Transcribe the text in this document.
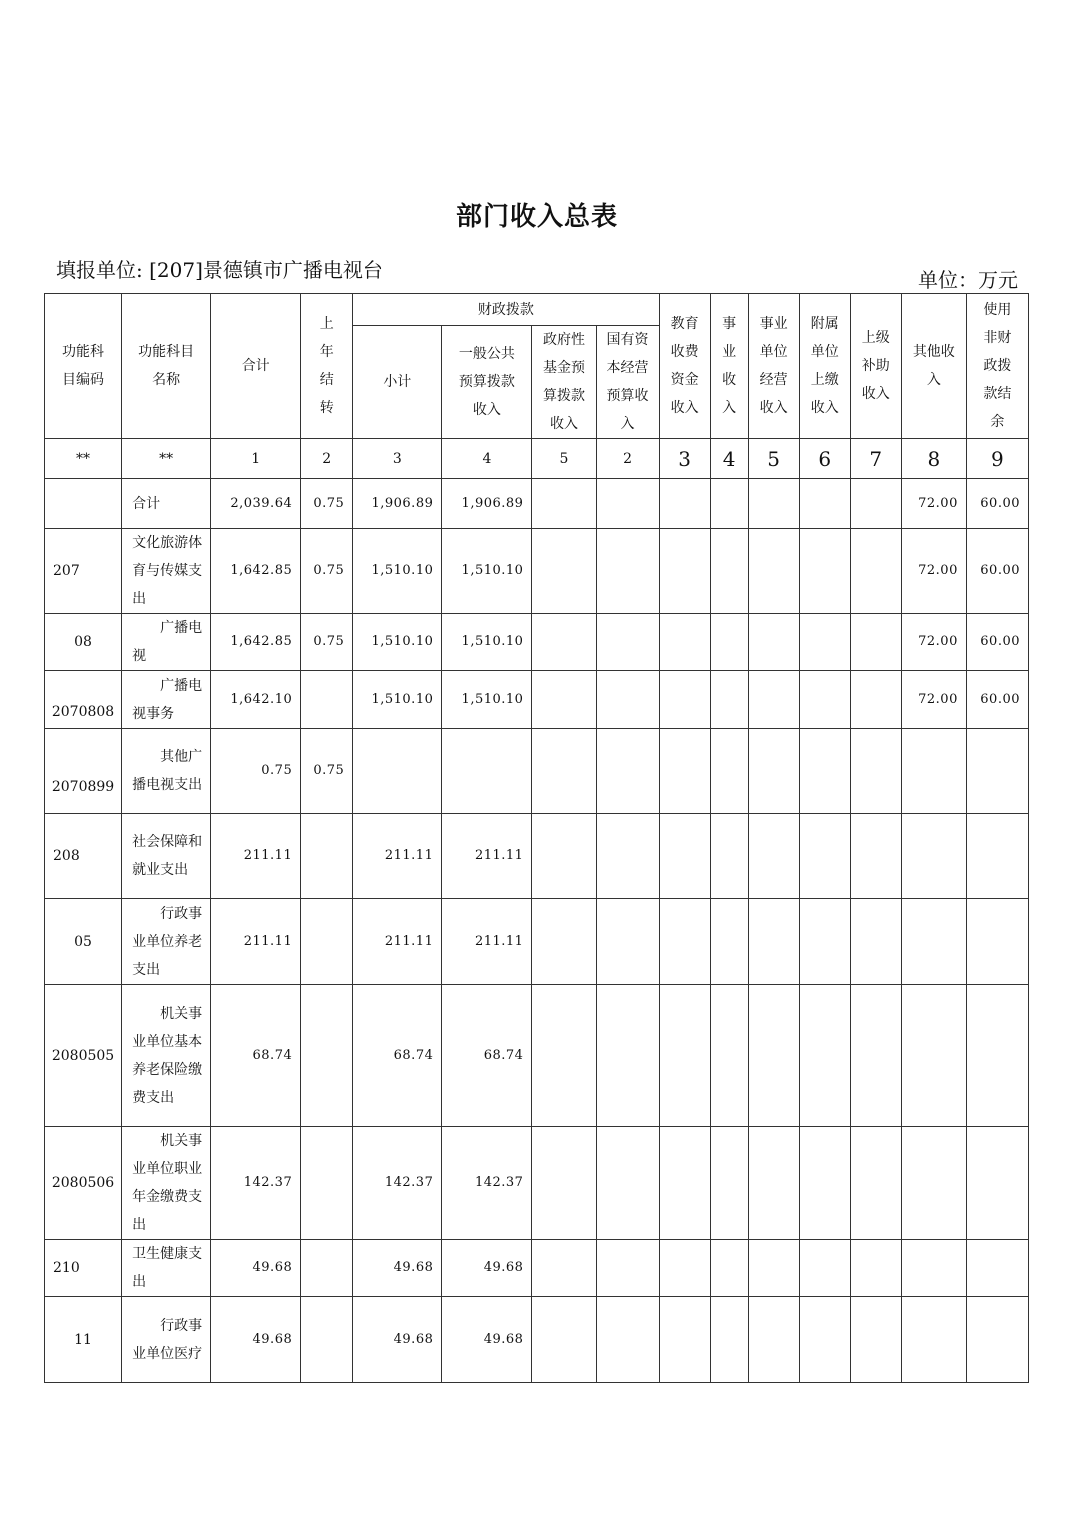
部门收入总表
填报单位: [207]景德镇市广播电视台	单位：万元
功能科目编码	功能科目名称	合计	上年结转	财政拨款				教育收费资金收入	事业收入	事业单位经营收入	附属单位上缴收入	上级补助收入	其他收入	使用非财政拨款结余

				小计	一般公共预算拨款收入	政府性基金预算拨款收入	国有资本经营预算收入							

**	**	1	2	3	4	5	2	3	4	5	6	7	8	9
	合计	2,039.64	0.75	1,906.89	1,906.89								72.00	60.00
207	文化旅游体育与传媒支出	1,642.85	0.75	1,510.10	1,510.10								72.00	60.00
08	广播电视	1,642.85	0.75	1,510.10	1,510.10								72.00	60.00
2070808	广播电视事务	1,642.10		1,510.10	1,510.10								72.00	60.00
2070899	其他广播电视支出	0.75	0.75											
208	社会保障和就业支出	211.11		211.11	211.11									
05	行政事业单位养老支出	211.11		211.11	211.11									
2080505	机关事业单位基本养老保险缴费支出	68.74		68.74	68.74									
2080506	机关事业单位职业年金缴费支出	142.37		142.37	142.37									
210	卫生健康支出	49.68		49.68	49.68									
11	行政事业单位医疗	49.68		49.68	49.68									
